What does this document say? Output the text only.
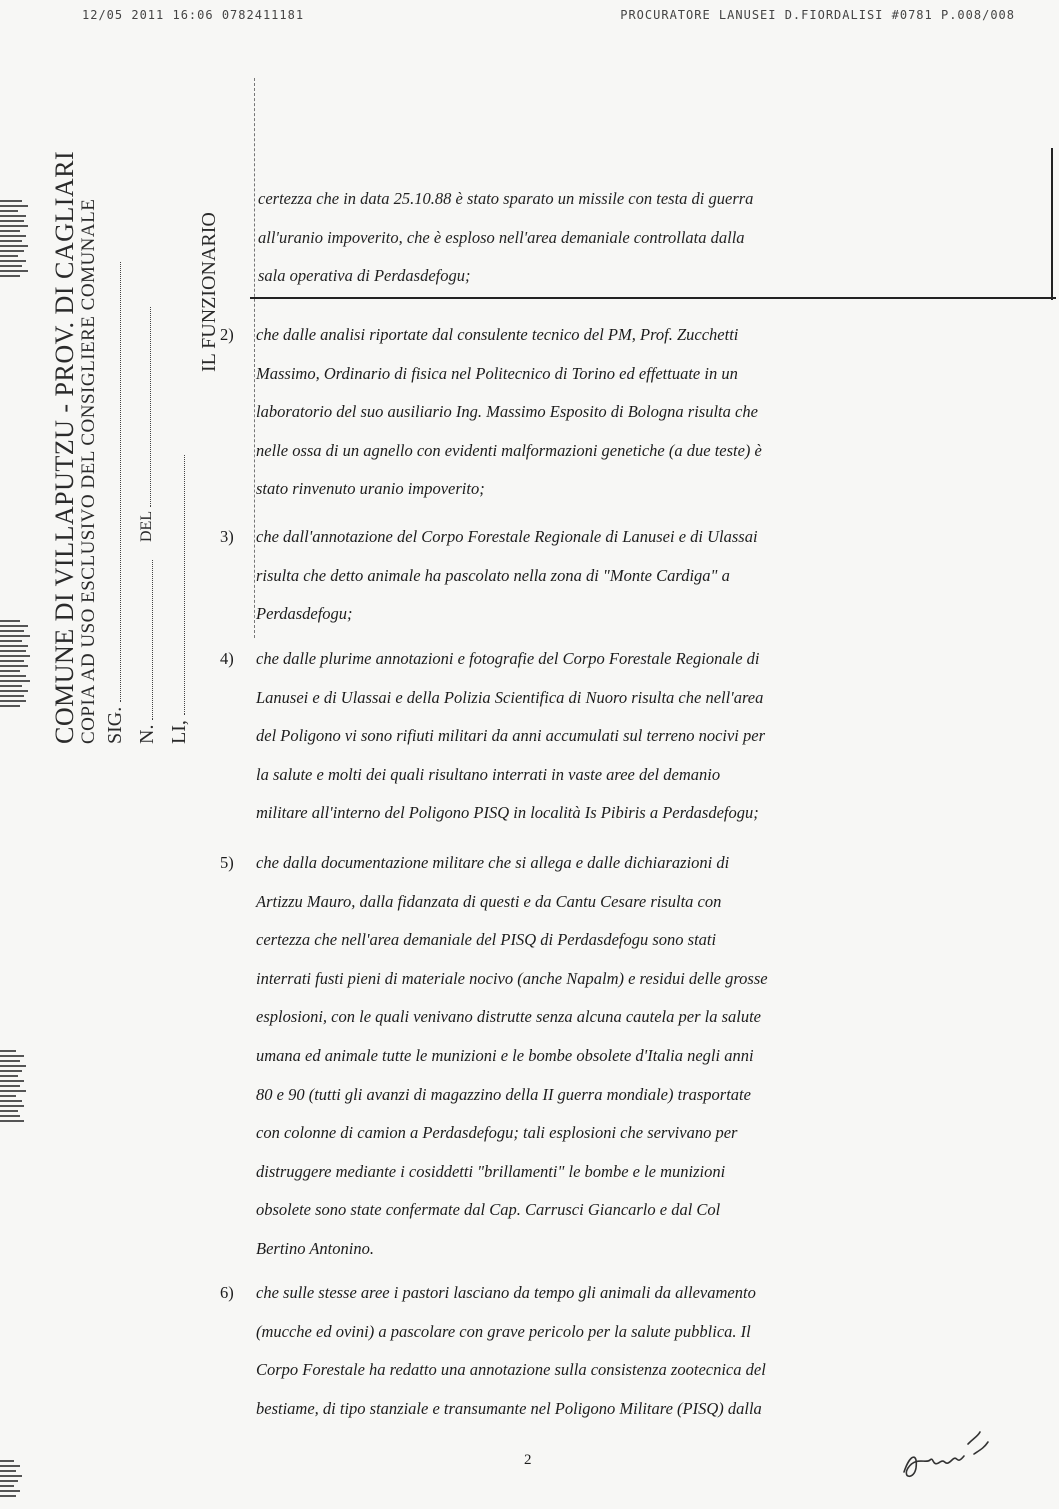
12/05 2011 16:06 0782411181	PROCURATORE LANUSEI D.FIORDALISI #0781 P.008/008
COMUNE DI VILLAPUTZU - PROV. DI CAGLIARI COPIA AD USO ESCLUSIVO DEL CONSIGLIERE COMUNALE SIG. N.
DEL
LI,
IL FUNZIONARIO
certezza che in data 25.10.88 è stato sparato un missile con testa di guerra
all'uranio impoverito, che è esploso nell'area demaniale controllata dalla
sala operativa di Perdasdefogu;
2) che dalle analisi riportate dal consulente tecnico del PM, Prof. Zucchetti
Massimo, Ordinario di fisica nel Politecnico di Torino ed effettuate in un
laboratorio del suo ausiliario Ing. Massimo Esposito di Bologna risulta che
nelle ossa di un agnello con evidenti malformazioni genetiche (a due teste) è
stato rinvenuto uranio impoverito;
3) che dall'annotazione del Corpo Forestale Regionale di Lanusei e di Ulassai
risulta che detto animale ha pascolato nella zona di "Monte Cardiga" a
Perdasdefogu;
4) che dalle plurime annotazioni e fotografie del Corpo Forestale Regionale di
Lanusei e di Ulassai e della Polizia Scientifica di Nuoro risulta che nell'area
del Poligono vi sono rifiuti militari da anni accumulati sul terreno nocivi per
la salute e molti dei quali risultano interrati in vaste aree del demanio
militare all'interno del Poligono PISQ in località Is Pibiris a Perdasdefogu;
5) che dalla documentazione militare che si allega e dalle dichiarazioni di
Artizzu Mauro, dalla fidanzata di questi e da Cantu Cesare risulta con
certezza che nell'area demaniale del PISQ di Perdasdefogu sono stati
interrati fusti pieni di materiale nocivo (anche Napalm) e residui delle grosse
esplosioni, con le quali venivano distrutte senza alcuna cautela per la salute
umana ed animale tutte le munizioni e le bombe obsolete d'Italia negli anni
80 e 90 (tutti gli avanzi di magazzino della II guerra mondiale) trasportate
con colonne di camion a Perdasdefogu; tali esplosioni che servivano per
distruggere mediante i cosiddetti "brillamenti" le bombe e le munizioni
obsolete sono state confermate dal Cap. Carrusci Giancarlo e dal Col
Bertino Antonino.
6) che sulle stesse aree i pastori lasciano da tempo gli animali da allevamento
(mucche ed ovini) a pascolare con grave pericolo per la salute pubblica. Il
Corpo Forestale ha redatto una annotazione sulla consistenza zootecnica del
bestiame, di tipo stanziale e transumante nel Poligono Militare (PISQ) dalla
2
